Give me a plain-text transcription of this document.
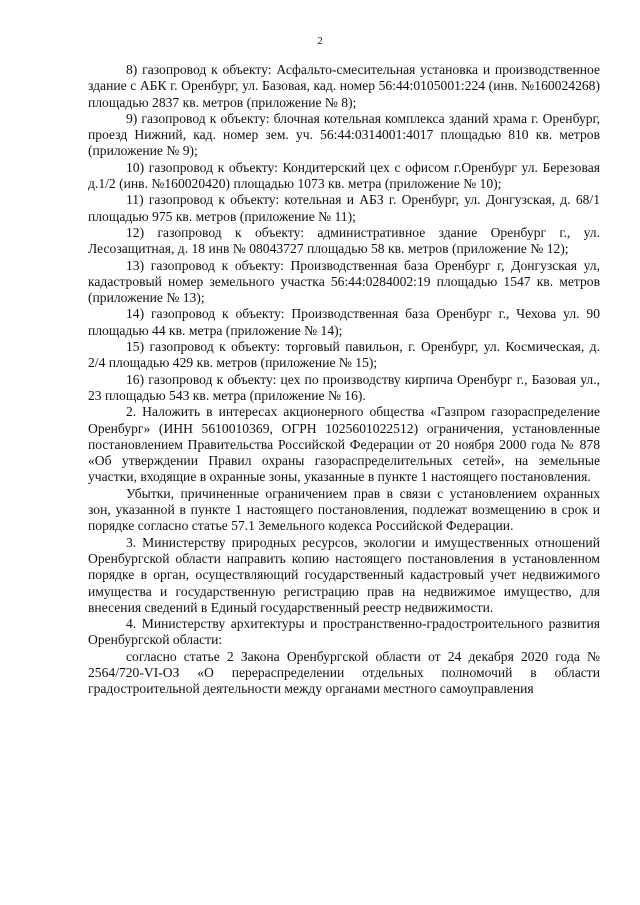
2

8) газопровод к объекту: Асфальто-смесительная установка и производственное здание с АБК г. Оренбург, ул. Базовая, кад. номер 56:44:0105001:224 (инв. №160024268) площадью 2837 кв. метров (приложение № 8);

9) газопровод к объекту: блочная котельная комплекса зданий храма г. Оренбург, проезд Нижний, кад. номер зем. уч. 56:44:0314001:4017 площадью 810 кв. метров (приложение № 9);

10) газопровод к объекту: Кондитерский цех с офисом г.Оренбург ул. Березовая д.1/2 (инв. №160020420) площадью 1073 кв. метра (приложение № 10);

11) газопровод к объекту: котельная и АБЗ г. Оренбург, ул. Донгузская, д. 68/1 площадью 975 кв. метров (приложение № 11);

12) газопровод к объекту: административное здание Оренбург г., ул. Лесозащитная, д. 18 инв № 08043727 площадью 58 кв. метров (приложение № 12);

13) газопровод к объекту: Производственная база Оренбург г, Донгузская ул, кадастровый номер земельного участка 56:44:0284002:19 площадью 1547 кв. метров (приложение № 13);

14) газопровод к объекту: Производственная база Оренбург г., Чехова ул. 90 площадью 44 кв. метра (приложение № 14);

15) газопровод к объекту: торговый павильон, г. Оренбург, ул. Космическая, д. 2/4 площадью 429 кв. метров (приложение № 15);

16) газопровод к объекту: цех по производству кирпича Оренбург г., Базовая ул., 23 площадью 543 кв. метра (приложение № 16).

2. Наложить в интересах акционерного общества «Газпром газораспределение Оренбург» (ИНН 5610010369, ОГРН 1025601022512) ограничения, установленные постановлением Правительства Российской Федерации от 20 ноября 2000 года № 878 «Об утверждении Правил охраны газораспределительных сетей», на земельные участки, входящие в охранные зоны, указанные в пункте 1 настоящего постановления.

Убытки, причиненные ограничением прав в связи с установлением охранных зон, указанной в пункте 1 настоящего постановления, подлежат возмещению в срок и порядке согласно статье 57.1 Земельного кодекса Российской Федерации.

3. Министерству природных ресурсов, экологии и имущественных отношений Оренбургской области направить копию настоящего постановления в установленном порядке в орган, осуществляющий государственный кадастровый учет недвижимого имущества и государственную регистрацию прав на недвижимое имущество, для внесения сведений в Единый государственный реестр недвижимости.

4. Министерству архитектуры и пространственно-градостроительного развития Оренбургской области:

согласно статье 2 Закона Оренбургской области от 24 декабря 2020 года № 2564/720-VI-ОЗ «О перераспределении отдельных полномочий в области градостроительной деятельности между органами местного самоуправления
